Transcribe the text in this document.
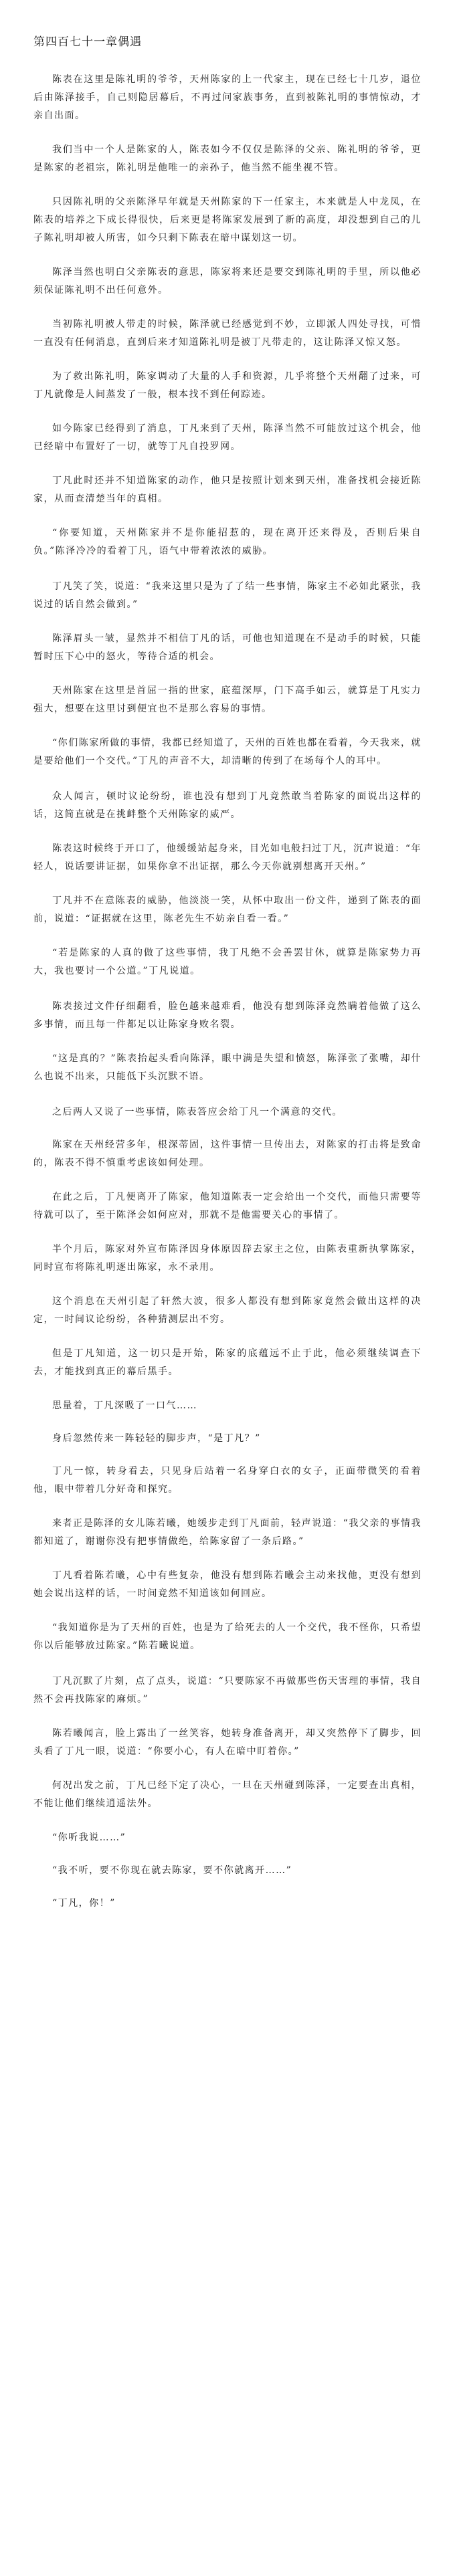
第四百七十一章偶遇

陈表在这里是陈礼明的爷爷，天州陈家的上一代家主，现在已经七十几岁，退位后由陈泽接手，自己则隐居幕后，不再过问家族事务，直到被陈礼明的事情惊动，才亲自出面。

我们当中一个人是陈家的人，陈表如今不仅仅是陈泽的父亲、陈礼明的爷爷，更是陈家的老祖宗，陈礼明是他唯一的亲孙子，他当然不能坐视不管。

只因陈礼明的父亲陈泽早年就是天州陈家的下一任家主，本来就是人中龙凤，在陈表的培养之下成长得很快，后来更是将陈家发展到了新的高度，却没想到自己的儿子陈礼明却被人所害，如今只剩下陈表在暗中谋划这一切。

陈泽当然也明白父亲陈表的意思，陈家将来还是要交到陈礼明的手里，所以他必须保证陈礼明不出任何意外。

当初陈礼明被人带走的时候，陈泽就已经感觉到不妙，立即派人四处寻找，可惜一直没有任何消息，直到后来才知道陈礼明是被丁凡带走的，这让陈泽又惊又怒。

为了救出陈礼明，陈家调动了大量的人手和资源，几乎将整个天州翻了过来，可丁凡就像是人间蒸发了一般，根本找不到任何踪迹。

如今陈家已经得到了消息，丁凡来到了天州，陈泽当然不可能放过这个机会，他已经暗中布置好了一切，就等丁凡自投罗网。

丁凡此时还并不知道陈家的动作，他只是按照计划来到天州，准备找机会接近陈家，从而查清楚当年的真相。

“你要知道，天州陈家并不是你能招惹的，现在离开还来得及，否则后果自负。”陈泽冷冷的看着丁凡，语气中带着浓浓的威胁。

丁凡笑了笑，说道：“我来这里只是为了了结一些事情，陈家主不必如此紧张，我说过的话自然会做到。”

陈泽眉头一皱，显然并不相信丁凡的话，可他也知道现在不是动手的时候，只能暂时压下心中的怒火，等待合适的机会。

天州陈家在这里是首屈一指的世家，底蕴深厚，门下高手如云，就算是丁凡实力强大，想要在这里讨到便宜也不是那么容易的事情。

“你们陈家所做的事情，我都已经知道了，天州的百姓也都在看着，今天我来，就是要给他们一个交代。”丁凡的声音不大，却清晰的传到了在场每个人的耳中。

众人闻言，顿时议论纷纷，谁也没有想到丁凡竟然敢当着陈家的面说出这样的话，这简直就是在挑衅整个天州陈家的威严。

陈表这时候终于开口了，他缓缓站起身来，目光如电般扫过丁凡，沉声说道：“年轻人，说话要讲证据，如果你拿不出证据，那么今天你就别想离开天州。”

丁凡并不在意陈表的威胁，他淡淡一笑，从怀中取出一份文件，递到了陈表的面前，说道：“证据就在这里，陈老先生不妨亲自看一看。”

“若是陈家的人真的做了这些事情，我丁凡绝不会善罢甘休，就算是陈家势力再大，我也要讨一个公道。”丁凡说道。

陈表接过文件仔细翻看，脸色越来越难看，他没有想到陈泽竟然瞒着他做了这么多事情，而且每一件都足以让陈家身败名裂。

“这是真的？”陈表抬起头看向陈泽，眼中满是失望和愤怒，陈泽张了张嘴，却什么也说不出来，只能低下头沉默不语。

之后两人又说了一些事情，陈表答应会给丁凡一个满意的交代。

陈家在天州经营多年，根深蒂固，这件事情一旦传出去，对陈家的打击将是致命的，陈表不得不慎重考虑该如何处理。

在此之后，丁凡便离开了陈家，他知道陈表一定会给出一个交代，而他只需要等待就可以了，至于陈泽会如何应对，那就不是他需要关心的事情了。

半个月后，陈家对外宣布陈泽因身体原因辞去家主之位，由陈表重新执掌陈家，同时宣布将陈礼明逐出陈家，永不录用。

这个消息在天州引起了轩然大波，很多人都没有想到陈家竟然会做出这样的决定，一时间议论纷纷，各种猜测层出不穷。

但是丁凡知道，这一切只是开始，陈家的底蕴远不止于此，他必须继续调查下去，才能找到真正的幕后黑手。

思量着，丁凡深吸了一口气……

身后忽然传来一阵轻轻的脚步声，“是丁凡？”

丁凡一惊，转身看去，只见身后站着一名身穿白衣的女子，正面带微笑的看着他，眼中带着几分好奇和探究。

来者正是陈泽的女儿陈若曦，她缓步走到丁凡面前，轻声说道：“我父亲的事情我都知道了，谢谢你没有把事情做绝，给陈家留了一条后路。”

丁凡看着陈若曦，心中有些复杂，他没有想到陈若曦会主动来找他，更没有想到她会说出这样的话，一时间竟然不知道该如何回应。

“我知道你是为了天州的百姓，也是为了给死去的人一个交代，我不怪你，只希望你以后能够放过陈家。”陈若曦说道。

丁凡沉默了片刻，点了点头，说道：“只要陈家不再做那些伤天害理的事情，我自然不会再找陈家的麻烦。”

陈若曦闻言，脸上露出了一丝笑容，她转身准备离开，却又突然停下了脚步，回头看了丁凡一眼，说道：“你要小心，有人在暗中盯着你。”

何况出发之前，丁凡已经下定了决心，一旦在天州碰到陈泽，一定要查出真相，不能让他们继续逍遥法外。

“你听我说……”

“我不听，要不你现在就去陈家，要不你就离开……”

“丁凡，你！”
